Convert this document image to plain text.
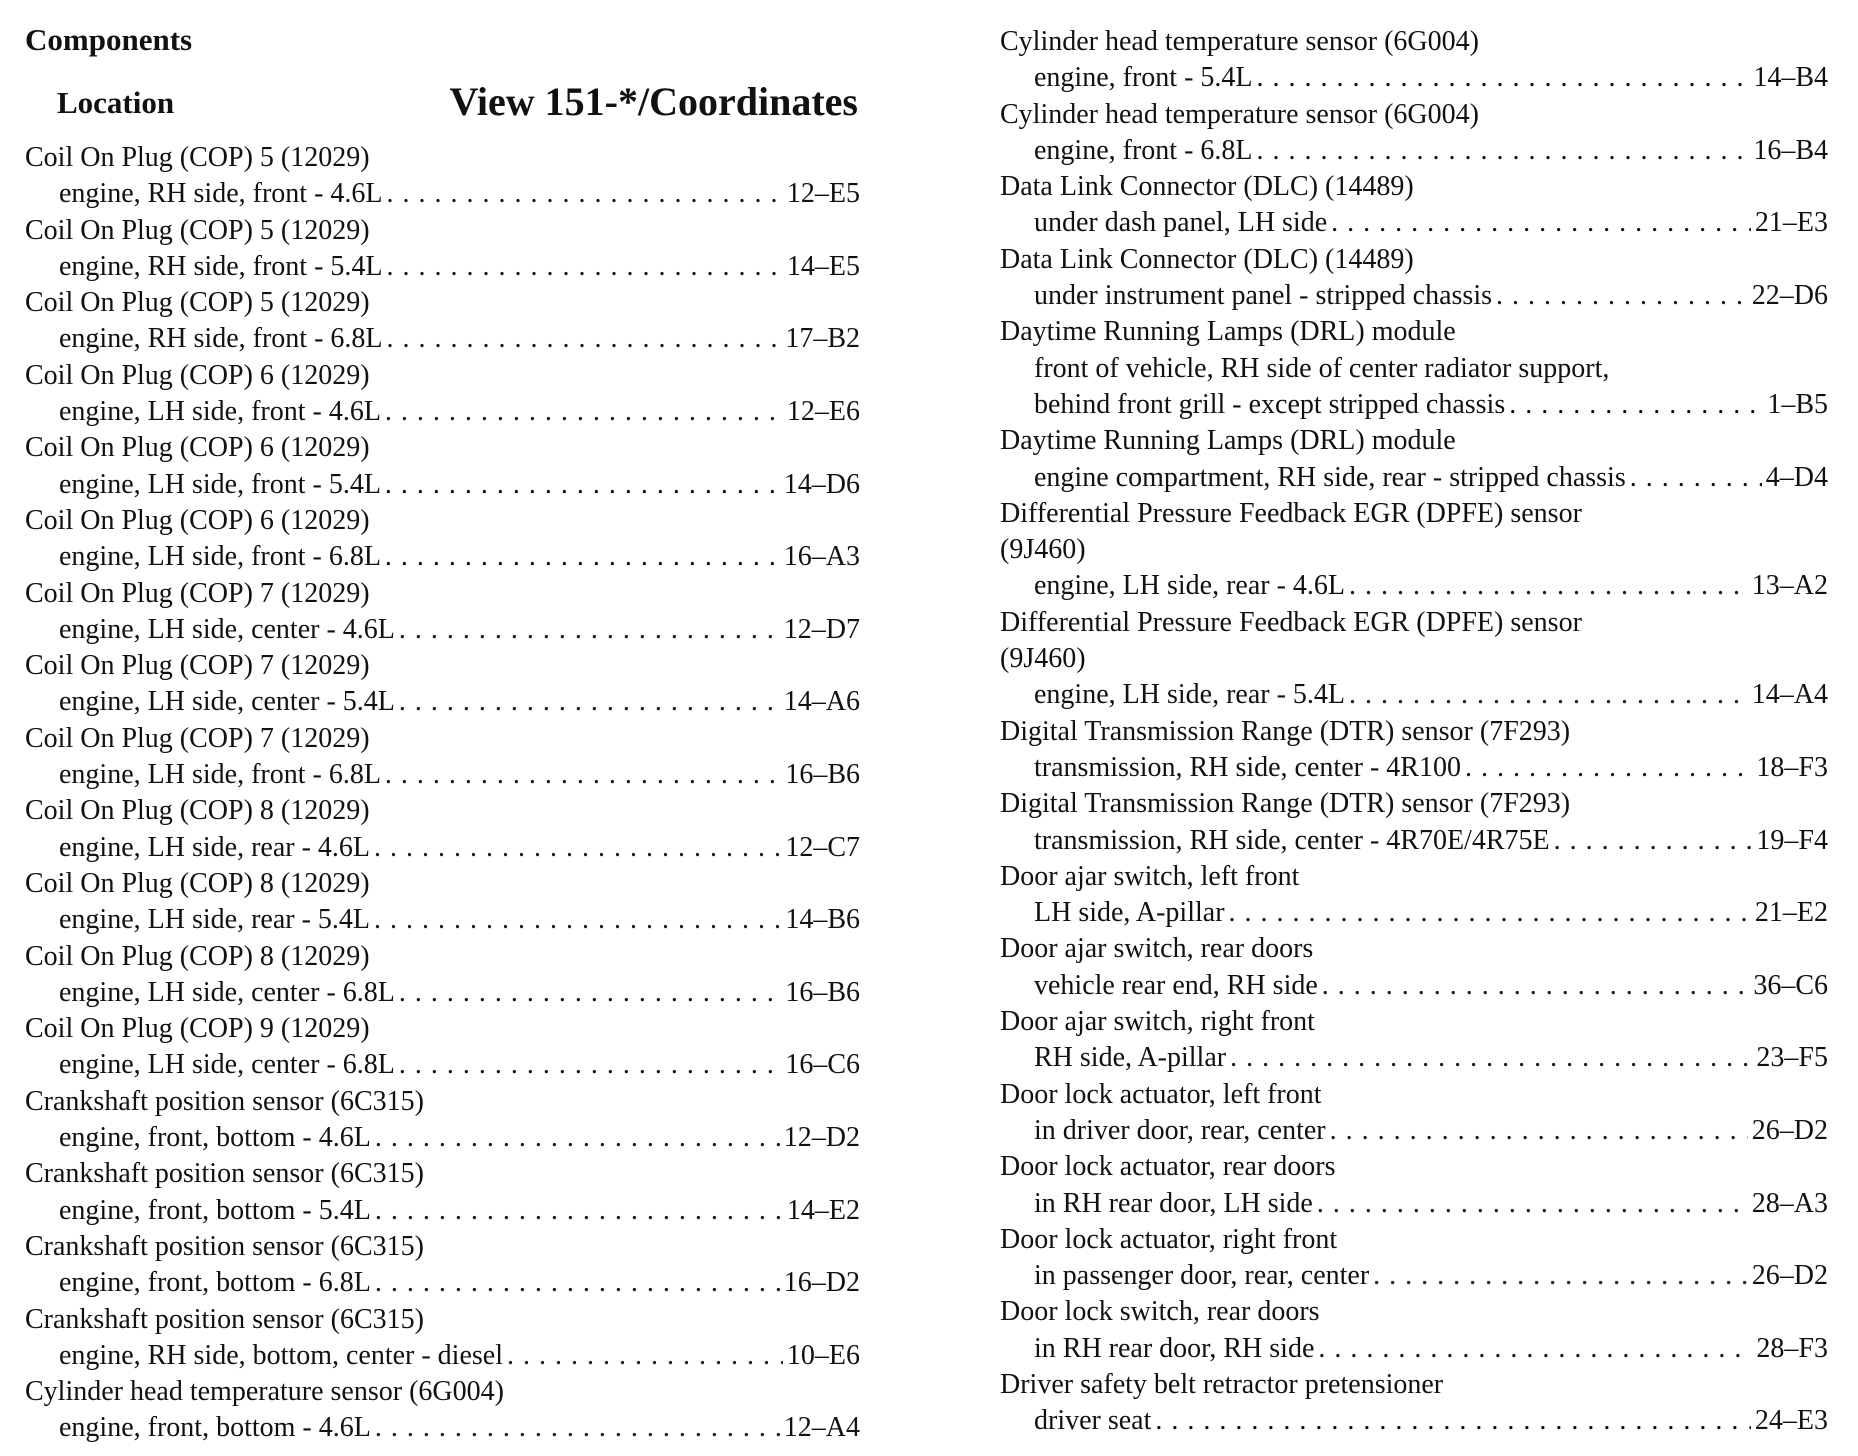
Components
Location	View 151-*/Coordinates
Coil On Plug (COP) 5 (12029)
engine, RH side, front - 4.6L . . .	12–E5
Coil On Plug (COP) 5 (12029)
engine, RH side, front - 5.4L . . .	14–E5
Coil On Plug (COP) 5 (12029)
engine, RH side, front - 6.8L . . .	17–B2
Coil On Plug (COP) 6 (12029)
engine, LH side, front - 4.6L . . .	12–E6
Coil On Plug (COP) 6 (12029)
engine, LH side, front - 5.4L . . .	14–D6
Coil On Plug (COP) 6 (12029)
engine, LH side, front - 6.8L . . .	16–A3
Coil On Plug (COP) 7 (12029)
engine, LH side, center - 4.6L . . .	12–D7
Coil On Plug (COP) 7 (12029)
engine, LH side, center - 5.4L . . .	14–A6
Coil On Plug (COP) 7 (12029)
engine, LH side, front - 6.8L . . .	16–B6
Coil On Plug (COP) 8 (12029)
engine, LH side, rear - 4.6L . . .	12–C7
Coil On Plug (COP) 8 (12029)
engine, LH side, rear - 5.4L . . .	14–B6
Coil On Plug (COP) 8 (12029)
engine, LH side, center - 6.8L . . .	16–B6
Coil On Plug (COP) 9 (12029)
engine, LH side, center - 6.8L . . .	16–C6
Crankshaft position sensor (6C315)
engine, front, bottom - 4.6L . . .	12–D2
Crankshaft position sensor (6C315)
engine, front, bottom - 5.4L . . .	14–E2
Crankshaft position sensor (6C315)
engine, front, bottom - 6.8L . . .	16–D2
Crankshaft position sensor (6C315)
engine, RH side, bottom, center - diesel . . .	10–E6
Cylinder head temperature sensor (6G004)
engine, front, bottom - 4.6L . . .	12–A4
Cylinder head temperature sensor (6G004)
engine, front - 5.4L . . .	14–B4
Cylinder head temperature sensor (6G004)
engine, front - 6.8L . . .	16–B4
Data Link Connector (DLC) (14489)
under dash panel, LH side . . .	21–E3
Data Link Connector (DLC) (14489)
under instrument panel - stripped chassis . . .	22–D6
Daytime Running Lamps (DRL) module
front of vehicle, RH side of center radiator support,
behind front grill - except stripped chassis . . .	1–B5
Daytime Running Lamps (DRL) module
engine compartment, RH side, rear - stripped chassis . . .	4–D4
Differential Pressure Feedback EGR (DPFE) sensor
(9J460)
engine, LH side, rear - 4.6L . . .	13–A2
Differential Pressure Feedback EGR (DPFE) sensor
(9J460)
engine, LH side, rear - 5.4L . . .	14–A4
Digital Transmission Range (DTR) sensor (7F293)
transmission, RH side, center - 4R100 . . .	18–F3
Digital Transmission Range (DTR) sensor (7F293)
transmission, RH side, center - 4R70E/4R75E . . .	19–F4
Door ajar switch, left front
LH side, A-pillar . . .	21–E2
Door ajar switch, rear doors
vehicle rear end, RH side . . .	36–C6
Door ajar switch, right front
RH side, A-pillar . . .	23–F5
Door lock actuator, left front
in driver door, rear, center . . .	26–D2
Door lock actuator, rear doors
in RH rear door, LH side . . .	28–A3
Door lock actuator, right front
in passenger door, rear, center . . .	26–D2
Door lock switch, rear doors
in RH rear door, RH side . . .	28–F3
Driver safety belt retractor pretensioner
driver seat . . .	24–E3
